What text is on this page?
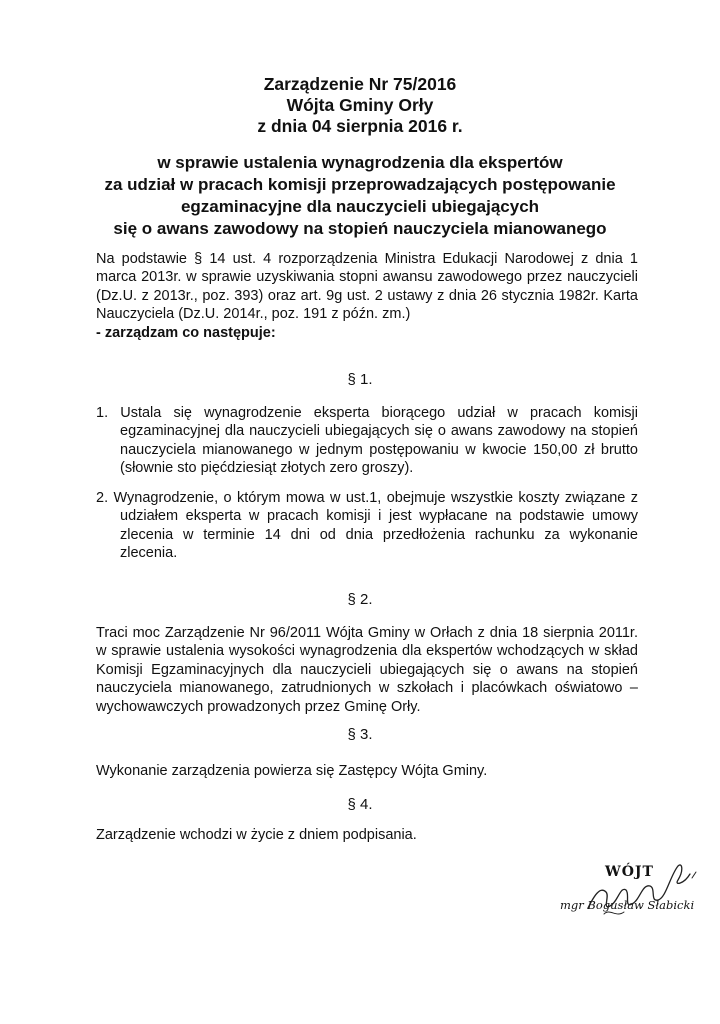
Zarządzenie Nr 75/2016
Wójta Gminy Orły
z dnia 04 sierpnia 2016 r.
w sprawie ustalenia wynagrodzenia dla ekspertów
za udział w pracach komisji przeprowadzających postępowanie
egzaminacyjne dla nauczycieli ubiegających
się o awans zawodowy na stopień nauczyciela mianowanego
Na podstawie § 14 ust. 4 rozporządzenia Ministra Edukacji Narodowej z dnia 1 marca 2013r. w sprawie uzyskiwania stopni awansu zawodowego przez nauczycieli (Dz.U. z 2013r., poz. 393) oraz art. 9g ust. 2 ustawy z dnia 26 stycznia 1982r. Karta Nauczyciela (Dz.U. 2014r., poz. 191 z późn. zm.)
- zarządzam co następuje:
§ 1.
1. Ustala się wynagrodzenie eksperta biorącego udział w pracach komisji egzaminacyjnej dla nauczycieli ubiegających się o awans zawodowy na stopień nauczyciela mianowanego w jednym postępowaniu w kwocie 150,00 zł brutto (słownie sto pięćdziesiąt złotych zero groszy).
2. Wynagrodzenie, o którym mowa w ust.1, obejmuje wszystkie koszty związane z udziałem eksperta w pracach komisji i jest wypłacane na podstawie umowy zlecenia w terminie 14 dni od dnia przedłożenia rachunku za wykonanie zlecenia.
§ 2.
Traci moc Zarządzenie Nr 96/2011 Wójta Gminy w Orłach z dnia 18 sierpnia 2011r. w sprawie ustalenia wysokości wynagrodzenia dla ekspertów wchodzących w skład Komisji Egzaminacyjnych dla nauczycieli ubiegających się o awans na stopień nauczyciela mianowanego, zatrudnionych w szkołach i placówkach oświatowo – wychowawczych prowadzonych przez Gminę Orły.
§ 3.
Wykonanie zarządzenia powierza się Zastępcy Wójta Gminy.
§ 4.
Zarządzenie wchodzi w życie z dniem podpisania.
WÓJT
mgr Bogusław Słabicki
